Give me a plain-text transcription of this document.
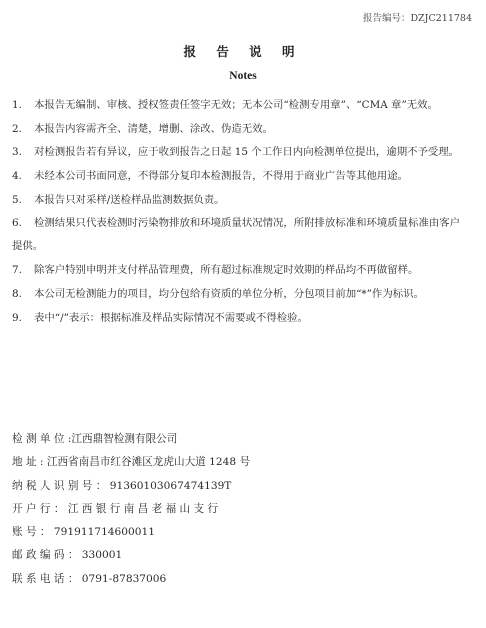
报告编号：DZJC211784
报 告 说 明
Notes
1.	本报告无编制、审核、授权签责任签字无效；无本公司“检测专用章”、“CMA 章”无效。
2.	本报告内容需齐全、清楚，增删、涂改、伪造无效。
3.	对检测报告若有异议，应于收到报告之日起 15 个工作日内向检测单位提出，逾期不予受理。
4.	未经本公司书面同意，不得部分复印本检测报告，不得用于商业广告等其他用途。
5.	本报告只对采样/送检样品监测数据负责。
6.	检测结果只代表检测时污染物排放和环境质量状况情况，所附排放标准和环境质量标准由客户
提供。
7.	除客户特别申明并支付样品管理费，所有超过标准规定时效期的样品均不再做留样。
8.	本公司无检测能力的项目，均分包给有资质的单位分析，分包项目前加“*”作为标识。
9.	表中“/”表示：根据标准及样品实际情况不需要或不得检验。
检 测 单 位 :江西鼎智检测有限公司
地 址 : 江西省南昌市红谷滩区龙虎山大道 1248 号
纳 税 人 识 别 号 ： 91360103067474139T
开 户 行 ： 江 西 银 行 南 昌 老 福 山 支 行
账 号 ： 791911714600011
邮 政 编 码 ： 330001
联 系 电 话 ： 0791-87837006
